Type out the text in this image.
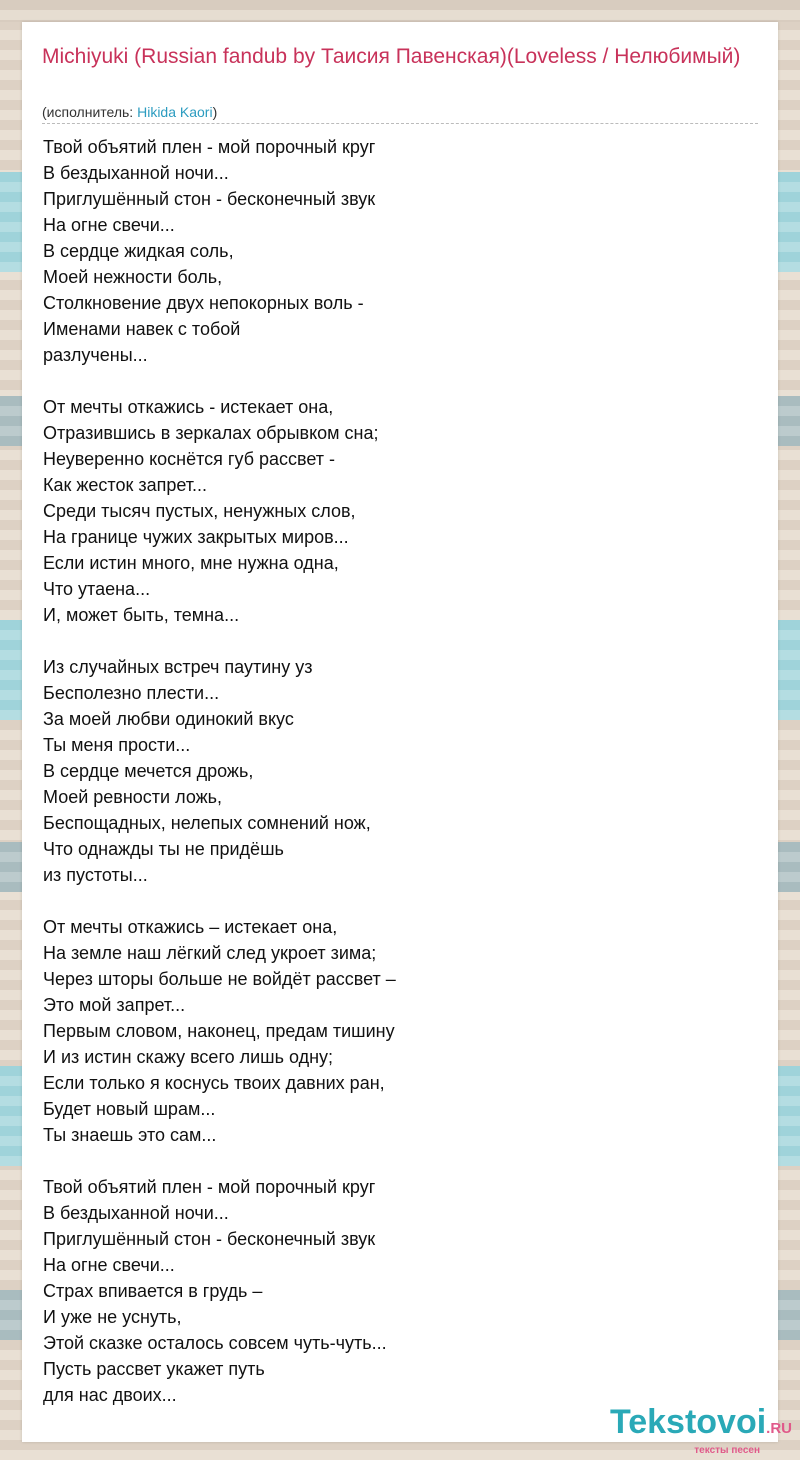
Michiyuki (Russian fandub by Таисия Павенская)(Loveless / Нелюбимый)
(исполнитель: Hikida Kaori)
Твой объятий плен - мой порочный круг
В бездыханной ночи...
Приглушённый стон - бесконечный звук
На огне свечи...
В сердце жидкая соль,
Моей нежности боль,
Столкновение двух непокорных воль -
Именами навек с тобой
разлучены...
От мечты откажись - истекает она,
Отразившись в зеркалах обрывком сна;
Неуверенно коснётся губ рассвет -
Как жесток запрет...
Среди тысяч пустых, ненужных слов,
На границе чужих закрытых миров...
Если истин много, мне нужна одна,
Что утаена...
И, может быть, темна...
Из случайных встреч паутину уз
Бесполезно плести...
За моей любви одинокий вкус
Ты меня прости...
В сердце мечется дрожь,
Моей ревности ложь,
Беспощадных, нелепых сомнений нож,
Что однажды ты не придёшь
из пустоты...
От мечты откажись – истекает она,
На земле наш лёгкий след укроет зима;
Через шторы больше не войдёт рассвет –
Это мой запрет...
Первым словом, наконец, предам тишину
И из истин скажу всего лишь одну;
Если только я коснусь твоих давних ран,
Будет новый шрам...
Ты знаешь это сам...
Твой объятий плен - мой порочный круг
В бездыханной ночи...
Приглушённый стон - бесконечный звук
На огне свечи...
Страх впивается в грудь –
И уже не уснуть,
Этой сказке осталось совсем чуть-чуть...
Пусть рассвет укажет путь
для нас двоих...
Tekstovoi.RU
тексты песен
